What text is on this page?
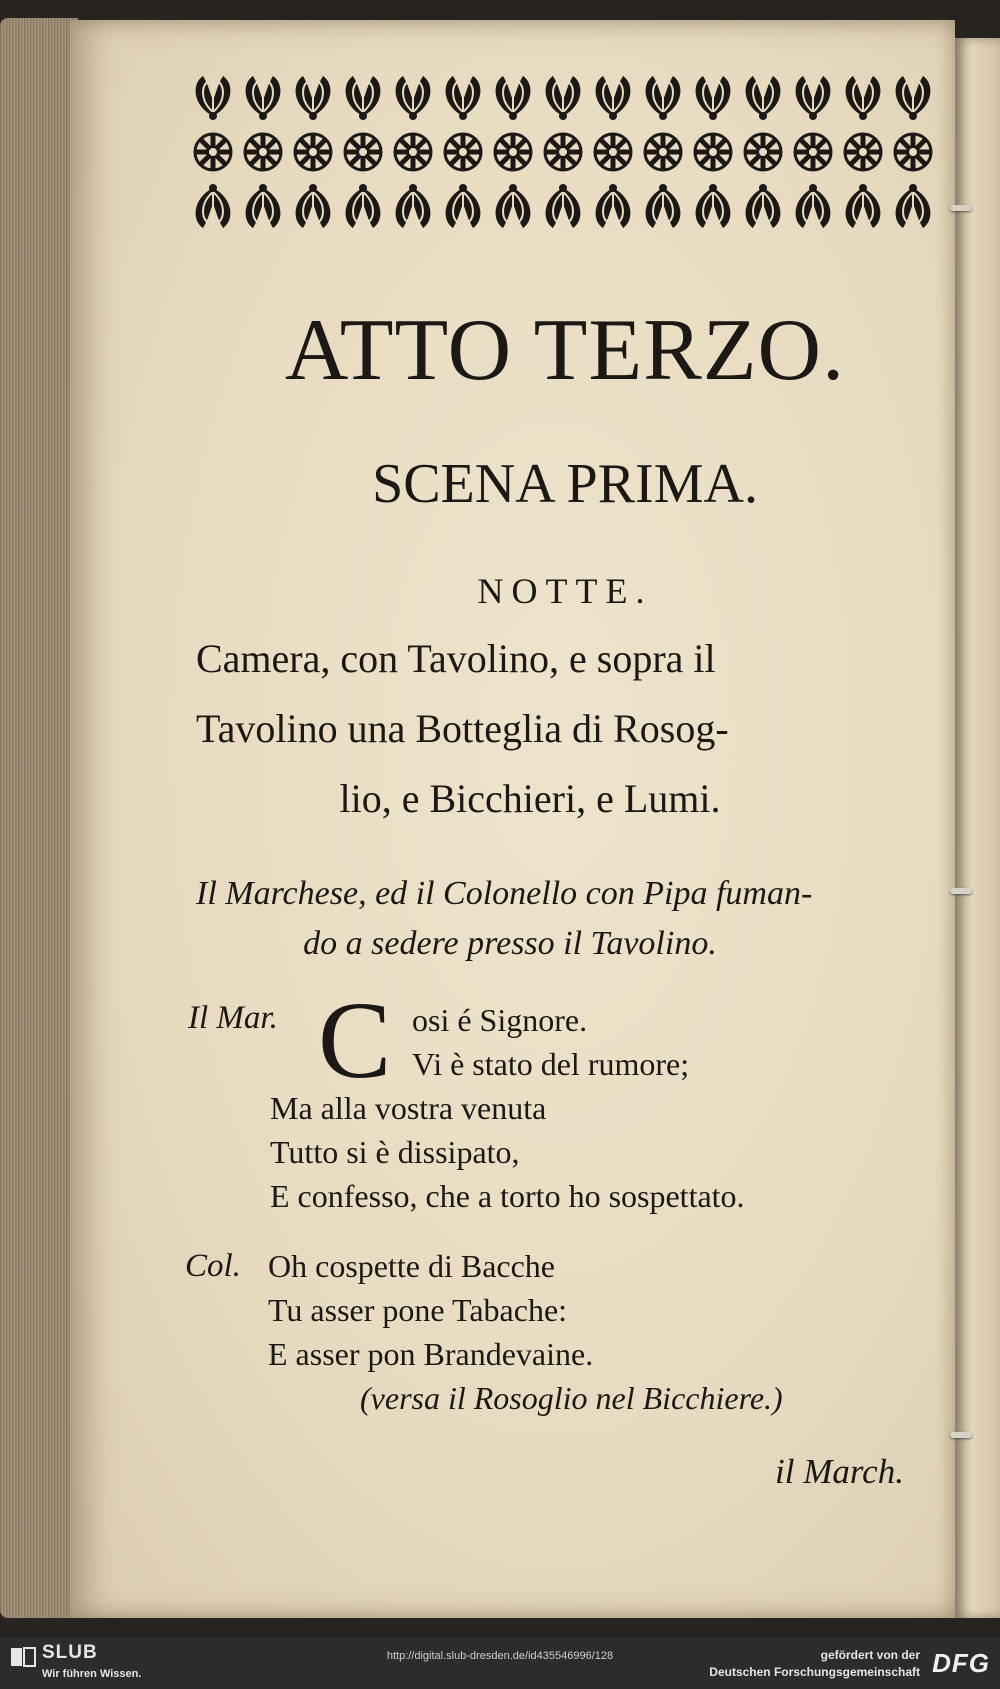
ATTO TERZO.
SCENA PRIMA.
NOTTE.
Camera, con Tavolino, e sopra il
Tavolino una Botteglia di Rosog-
lio, e Bicchieri, e Lumi.
Il Marchese, ed il Colonello con Pipa fuman-
do a sedere presso il Tavolino.
Il Mar. C osi é Signore.
Vi è stato del rumore;
Ma alla vostra venuta
Tutto si è dissipato,
E confesso, che a torto ho sospettato.
Col. Oh cospette di Bacche
Tu asser pone Tabache:
E asser pon Brandevaine.
(versa il Rosoglio nel Bicchiere.)
il March.
SLUB
Wir führen Wissen.
http://digital.slub-dresden.de/id435546996/128	gefördert von der
Deutschen Forschungsgemeinschaft DFG
